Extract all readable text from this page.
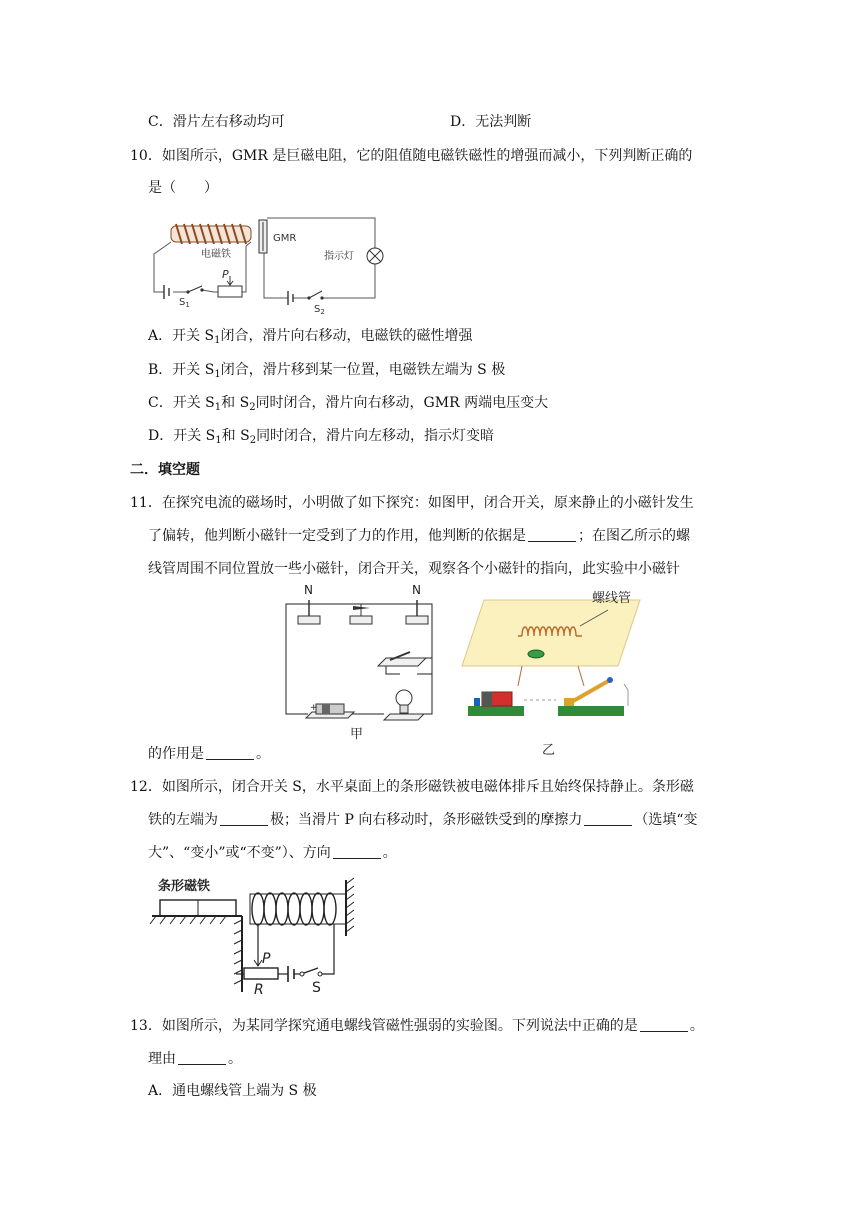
C．滑片左右移动均可	D．无法判断
10．如图所示，GMR 是巨磁电阻，它的阻值随电磁铁磁性的增强而减小，下列判断正确的
是（　　）
电磁铁
$S_1$
P
GMR
指示灯
$S_2$
A．开关 $S_1$闭合，滑片向右移动，电磁铁的磁性增强
B．开关 $S_1$闭合，滑片移到某一位置，电磁铁左端为 S 极
C．开关 $S_1$和 $S_2$同时闭合，滑片向右移动，GMR 两端电压变大
D．开关 $S_1$和 $S_2$同时闭合，滑片向左移动，指示灯变暗
二．填空题
11．在探究电流的磁场时，小明做了如下探究：如图甲，闭合开关，原来静止的小磁针发生
了偏转，他判断小磁针一定受到了力的作用，他判断的依据是	；在图乙所示的螺
线管周围不同位置放一些小磁针，闭合开关，观察各个小磁针的指向，此实验中小磁针
N	N
+
甲
螺线管
乙
的作用是	。
12．如图所示，闭合开关 S，水平桌面上的条形磁铁被电磁体排斥且始终保持静止。条形磁
铁的左端为	极；当滑片 P 向右移动时，条形磁铁受到的摩擦力	（选填“变
大”、“变小”或“不变”）、方向	。
条形磁铁
P
R	S
13．如图所示，为某同学探究通电螺线管磁性强弱的实验图。下列说法中正确的是	。
理由	。
A．通电螺线管上端为 S 极
